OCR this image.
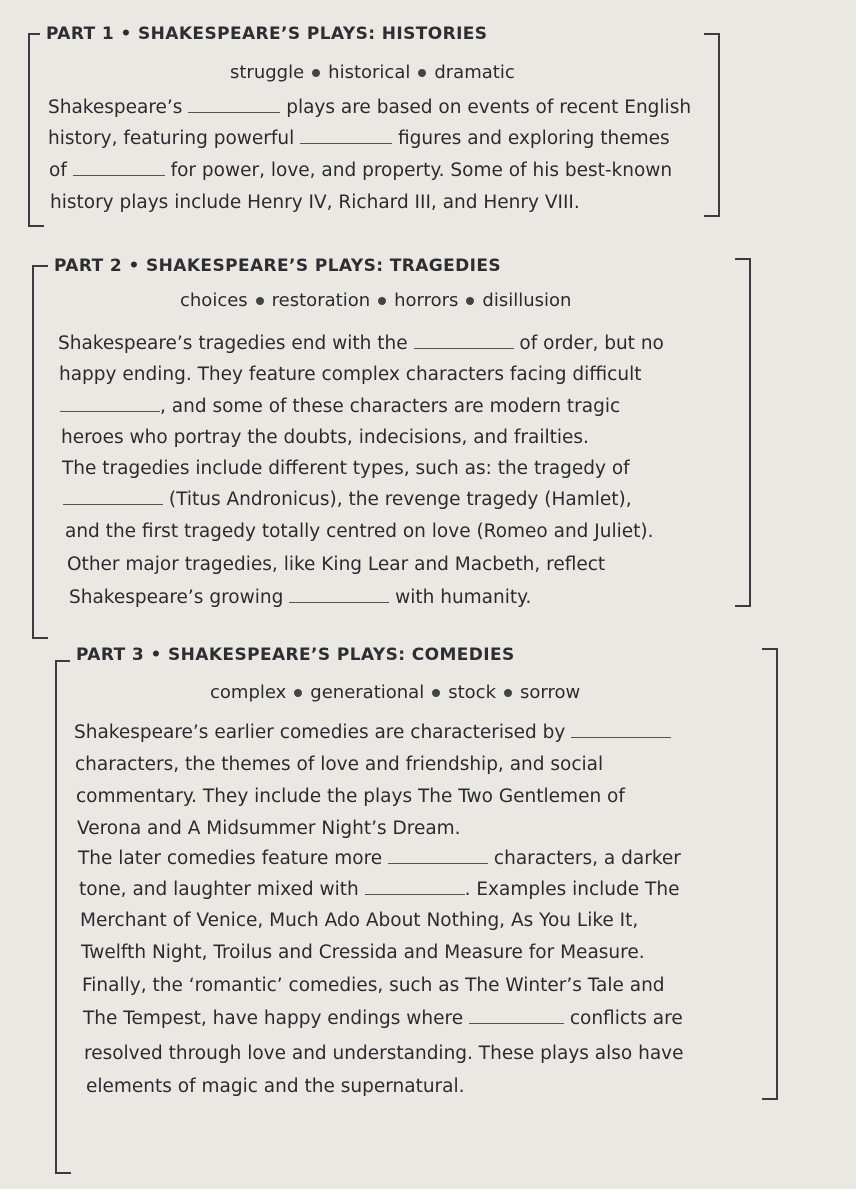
PART 1 • SHAKESPEARE’S PLAYS: HISTORIES
struggle historical dramatic
Shakespeare’s	plays are based on events of recent English
history, featuring powerful	figures and exploring themes
of	for power, love, and property. Some of his best-known
history plays include Henry IV, Richard III, and Henry VIII.
PART 2 • SHAKESPEARE’S PLAYS: TRAGEDIES
choices restoration horrors disillusion
Shakespeare’s tragedies end with the	of order, but no
happy ending. They feature complex characters facing difficult
, and some of these characters are modern tragic
heroes who portray the doubts, indecisions, and frailties.
The tragedies include different types, such as: the tragedy of
(Titus Andronicus), the revenge tragedy (Hamlet),
and the first tragedy totally centred on love (Romeo and Juliet).
Other major tragedies, like King Lear and Macbeth, reflect
Shakespeare’s growing	with humanity.
PART 3 • SHAKESPEARE’S PLAYS: COMEDIES
complex generational stock sorrow
Shakespeare’s earlier comedies are characterised by
characters, the themes of love and friendship, and social
commentary. They include the plays The Two Gentlemen of
Verona and A Midsummer Night’s Dream.
The later comedies feature more	characters, a darker
tone, and laughter mixed with	. Examples include The
Merchant of Venice, Much Ado About Nothing, As You Like It,
Twelfth Night, Troilus and Cressida and Measure for Measure.
Finally, the ‘romantic’ comedies, such as The Winter’s Tale and
The Tempest, have happy endings where	conflicts are
resolved through love and understanding. These plays also have
elements of magic and the supernatural.
